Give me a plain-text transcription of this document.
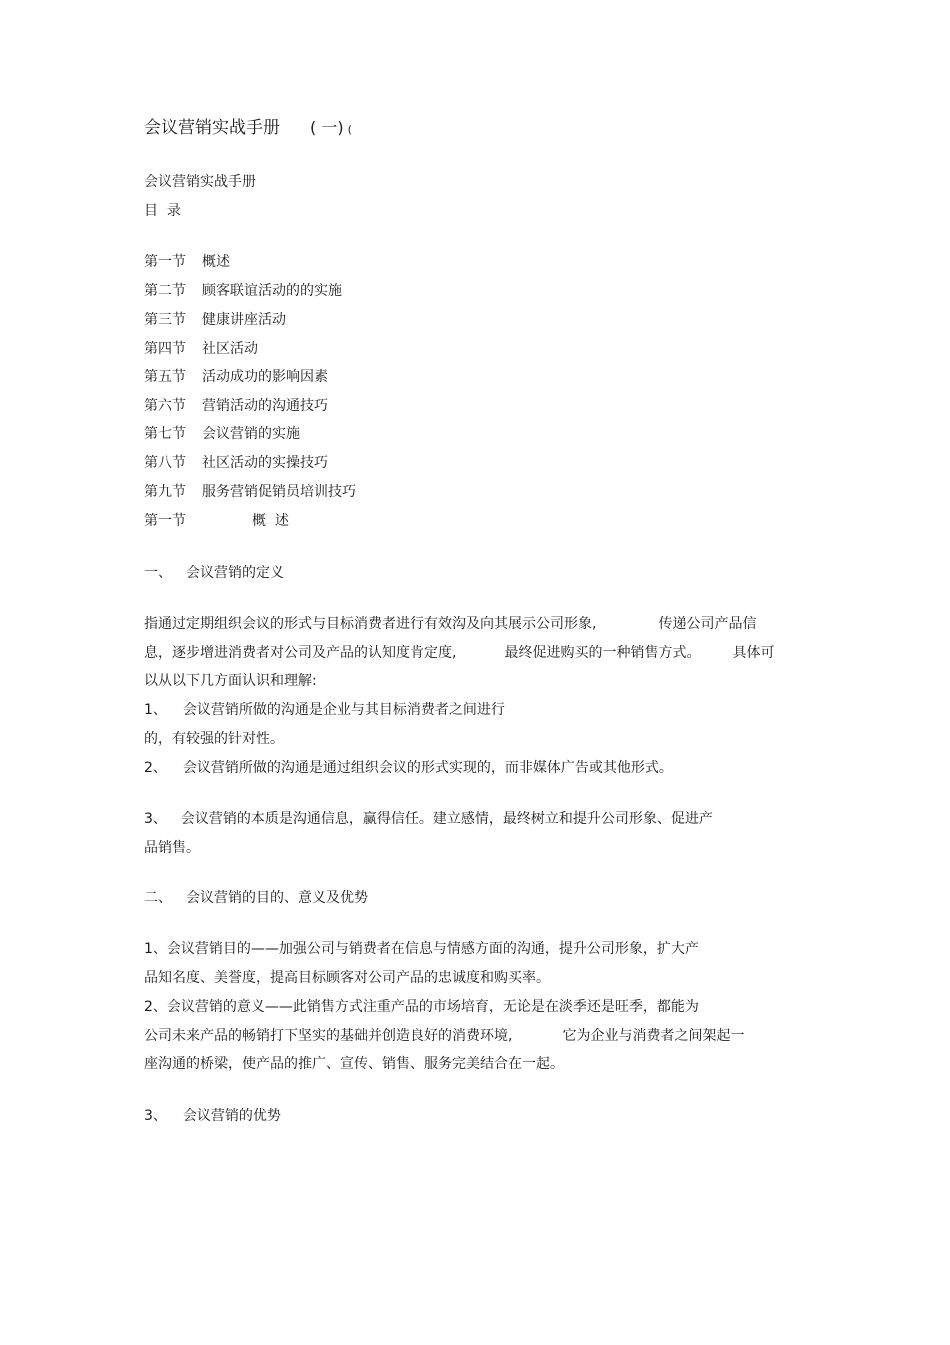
会议营销实战手册 ( 一) (
会议营销实战手册
目  录
第一节 概述
第二节 顾客联谊活动的的实施
第三节 健康讲座活动
第四节 社区活动
第五节 活动成功的影响因素
第六节 营销活动的沟通技巧
第七节 会议营销的实施
第八节 社区活动的实操技巧
第九节 服务营销促销员培训技巧
第一节	概  述
一、 会议营销的定义
指通过定期组织会议的形式与目标消费者进行有效沟及向其展示公司形象,	传递公司产品信
息，逐步增进消费者对公司及产品的认知度肯定度,	最终促进购买的一种销售方式。 具体可
以从以下几方面认识和理解:
1、 会议营销所做的沟通是企业与其目标消费者之间进行
的，有较强的针对性。
2、 会议营销所做的沟通是通过组织会议的形式实现的，而非媒体广告或其他形式。
3、 会议营销的本质是沟通信息，赢得信任。建立感情，最终树立和提升公司形象、促进产
品销售。
二、 会议营销的目的、意义及优势
1、会议营销目的——加强公司与销费者在信息与情感方面的沟通，提升公司形象，扩大产
品知名度、美誉度，提高目标顾客对公司产品的忠诚度和购买率。
2、会议营销的意义——此销售方式注重产品的市场培育，无论是在淡季还是旺季，都能为
公司未来产品的畅销打下坚实的基础并创造良好的消费环境,	它为企业与消费者之间架起一
座沟通的桥梁，使产品的推广、宣传、销售、服务完美结合在一起。
3、 会议营销的优势
